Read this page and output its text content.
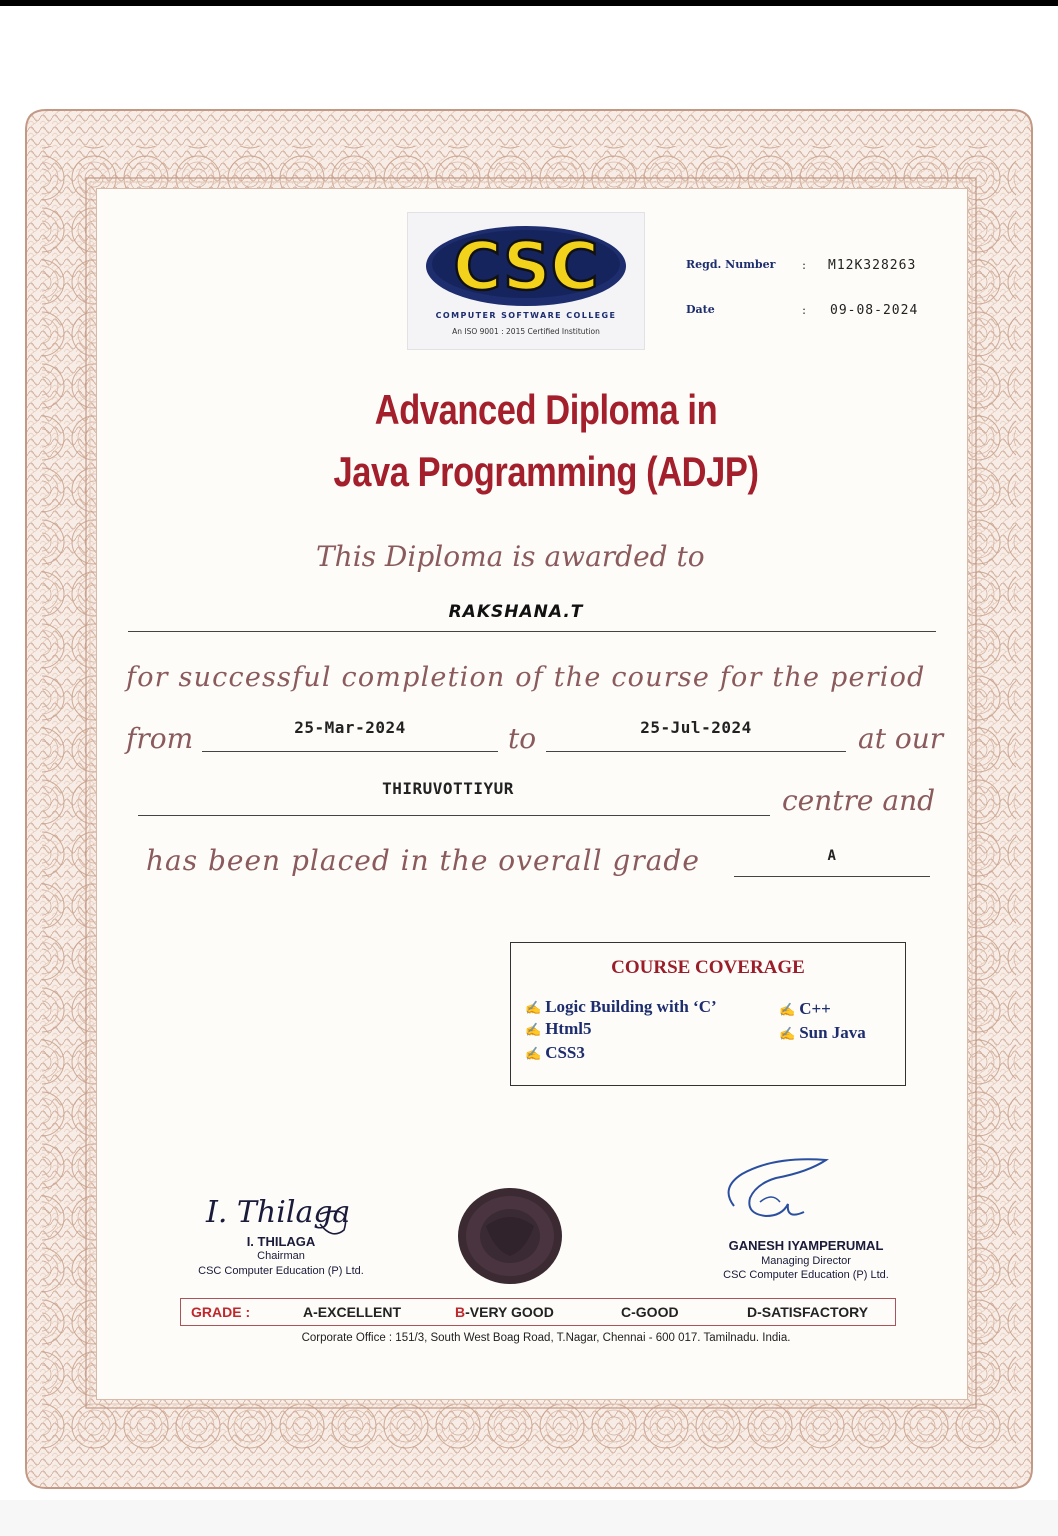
CSC
COMPUTER SOFTWARE COLLEGE
An ISO 9001 : 2015 Certified Institution
Regd. Number : M12K328263
Date	: 09-08-2024
Advanced Diploma in
Java Programming (ADJP)
This Diploma is awarded to
RAKSHANA.T
for successful completion of the course for the period
from	25-Mar-2024	to	25-Jul-2024	at our
THIRUVOTTIYUR	centre and
has been placed in the overall grade	A
COURSE COVERAGE
✍ Logic Building with ‘C’	✍ C++
✍ Html5	✍ Sun Java
✍ CSS3
I. Thilaga
I. THILAGA
Chairman
CSC Computer Education (P) Ltd.
GANESH IYAMPERUMAL
Managing Director
CSC Computer Education (P) Ltd.
GRADE :	A-EXCELLENT	B-VERY GOOD	C-GOOD	D-SATISFACTORY
Corporate Office : 151/3, South West Boag Road, T.Nagar, Chennai - 600 017. Tamilnadu. India.
